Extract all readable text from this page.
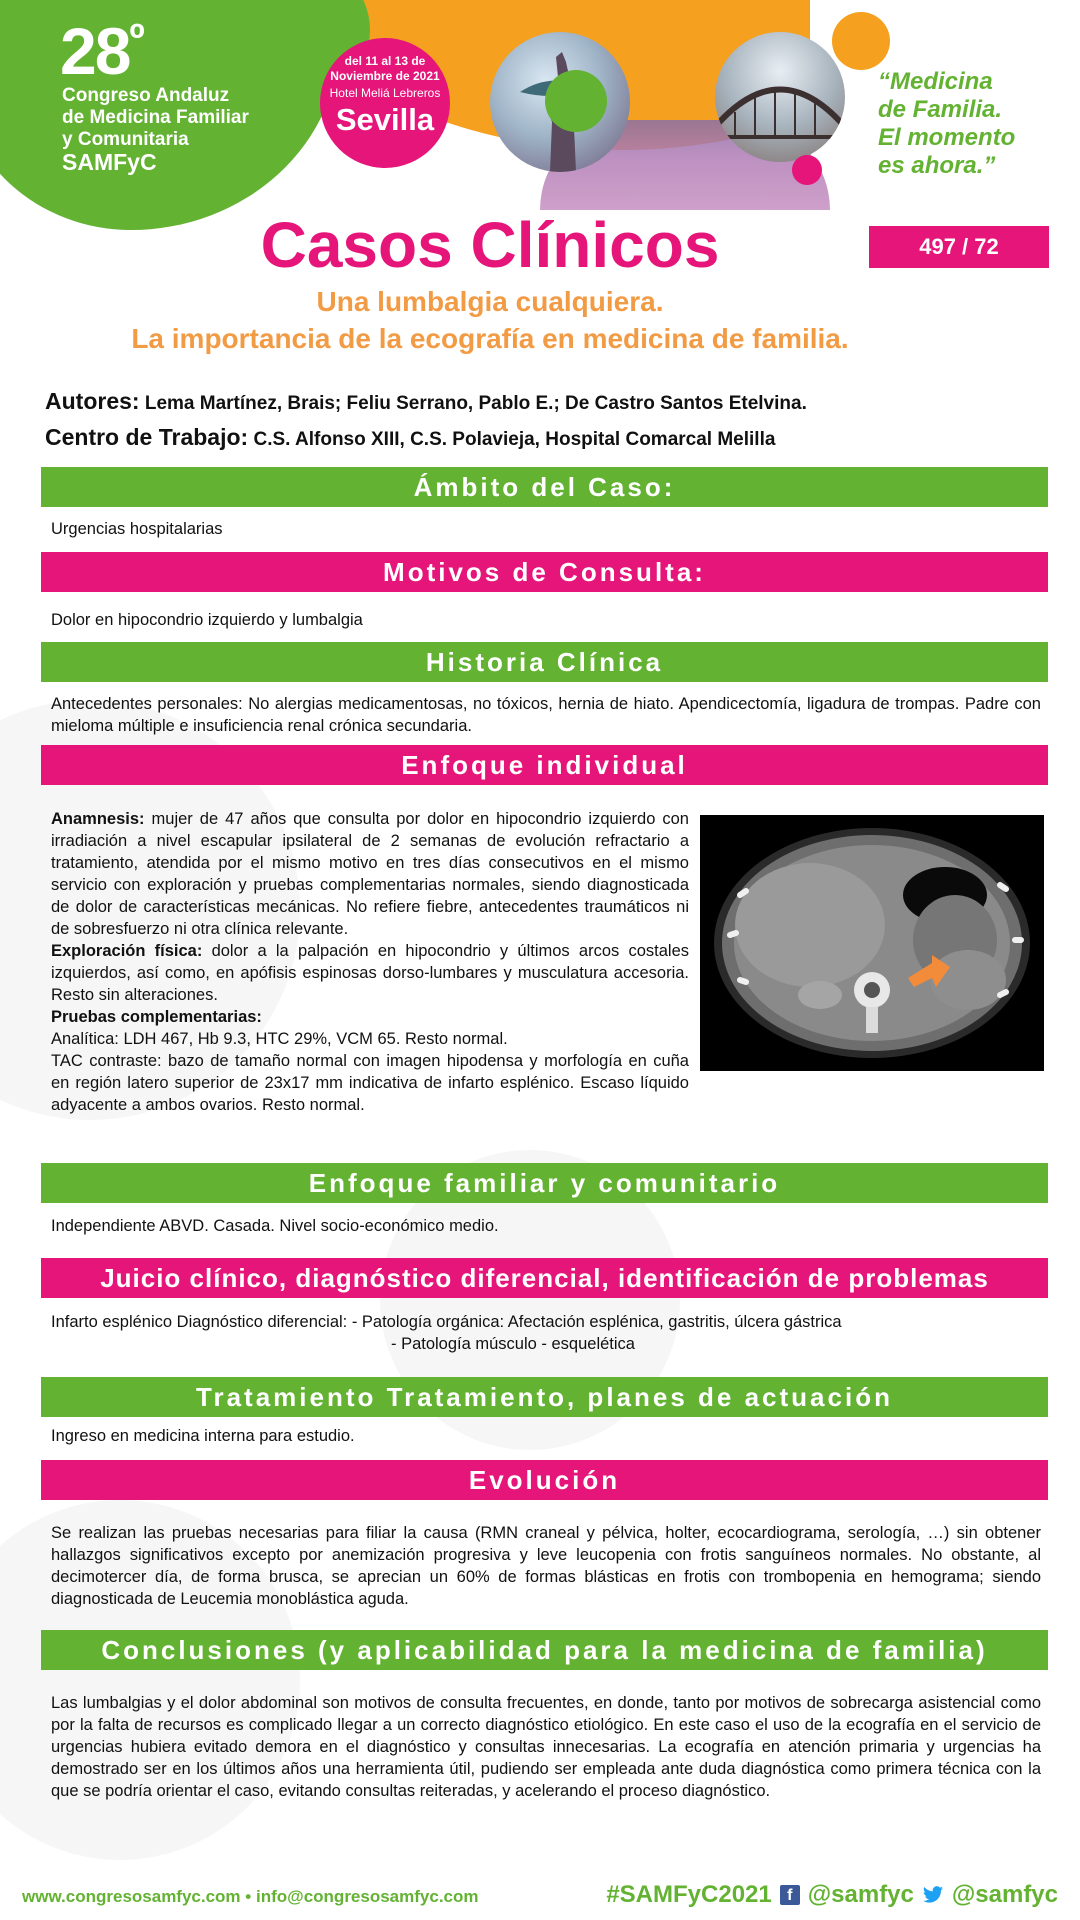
$28^º$
Congreso Andaluz
de Medicina Familiar
y Comunitaria
SAMFyC
del 11 al 13 de
Noviembre de 2021
Hotel Meliá Lebreros
Sevilla
“Medicina
de Familia.
El momento
es ahora.”
Casos Clínicos	497 / 72
Una lumbalgia cualquiera.
La importancia de la ecografía en medicina de familia.
Autores: Lema Martínez, Brais; Feliu Serrano, Pablo E.; De Castro Santos Etelvina.
Centro de Trabajo: C.S. Alfonso XIII, C.S. Polavieja, Hospital Comarcal Melilla
Ámbito del Caso:
Urgencias hospitalarias
Motivos de Consulta:
Dolor en hipocondrio izquierdo y lumbalgia
Historia Clínica
Antecedentes personales: No alergias medicamentosas, no tóxicos, hernia de hiato. Apendicectomía, ligadura de trompas. Padre con mieloma múltiple e insuficiencia renal crónica secundaria.
Enfoque individual

Anamnesis: mujer de 47 años que consulta por dolor en hipocondrio izquierdo con irradiación a nivel escapular ipsilateral de 2 semanas de evolución refractario a tratamiento, atendida por el mismo motivo en tres días consecutivos en el mismo servicio con exploración y pruebas complementarias normales, siendo diagnosticada de dolor de características mecánicas. No refiere fiebre, antecedentes traumáticos ni de sobresfuerzo ni otra clínica relevante.

Exploración física: dolor a la palpación en hipocondrio y últimos arcos costales izquierdos, así como, en apófisis espinosas dorso-lumbares y musculatura accesoria. Resto sin alteraciones.

Pruebas complementarias:

Analítica: LDH 467, Hb 9.3, HTC 29%, VCM 65. Resto normal.

TAC contraste: bazo de tamaño normal con imagen hipodensa y morfología en cuña en región latero superior de 23x17 mm indicativa de infarto esplénico. Escaso líquido adyacente a ambos ovarios. Resto normal.

Enfoque familiar y comunitario
Independiente ABVD. Casada. Nivel socio-económico medio.
Juicio clínico, diagnóstico diferencial, identificación de problemas
Infarto esplénico Diagnóstico diferencial: - Patología orgánica: Afectación esplénica, gastritis, úlcera gástrica
- Patología músculo - esquelética
Tratamiento Tratamiento, planes de actuación
Ingreso en medicina interna para estudio.
Evolución
Se realizan las pruebas necesarias para filiar la causa (RMN craneal y pélvica, holter, ecocardiograma, serología, …) sin obtener hallazgos significativos excepto por anemización progresiva y leve leucopenia con frotis sanguíneos normales. No obstante, al decimotercer día, de forma brusca, se aprecian un 60% de formas blásticas en frotis con trombopenia en hemograma; siendo diagnosticada de Leucemia monoblástica aguda.
Conclusiones (y aplicabilidad para la medicina de familia)
Las lumbalgias y el dolor abdominal son motivos de consulta frecuentes, en donde, tanto por motivos de sobrecarga asistencial como por la falta de recursos es complicado llegar a un correcto diagnóstico etiológico. En este caso el uso de la ecografía en el servicio de urgencias hubiera evitado demora en el diagnóstico y consultas innecesarias. La ecografía en atención primaria y urgencias ha demostrado ser en los últimos años una herramienta útil, pudiendo ser empleada ante duda diagnóstica como primera técnica con la que se podría orientar el caso, evitando consultas reiteradas, y acelerando el proceso diagnóstico.
www.congresosamfyc.com • info@congresosamfyc.com	#SAMFyC2021 f @samfyc @samfyc
